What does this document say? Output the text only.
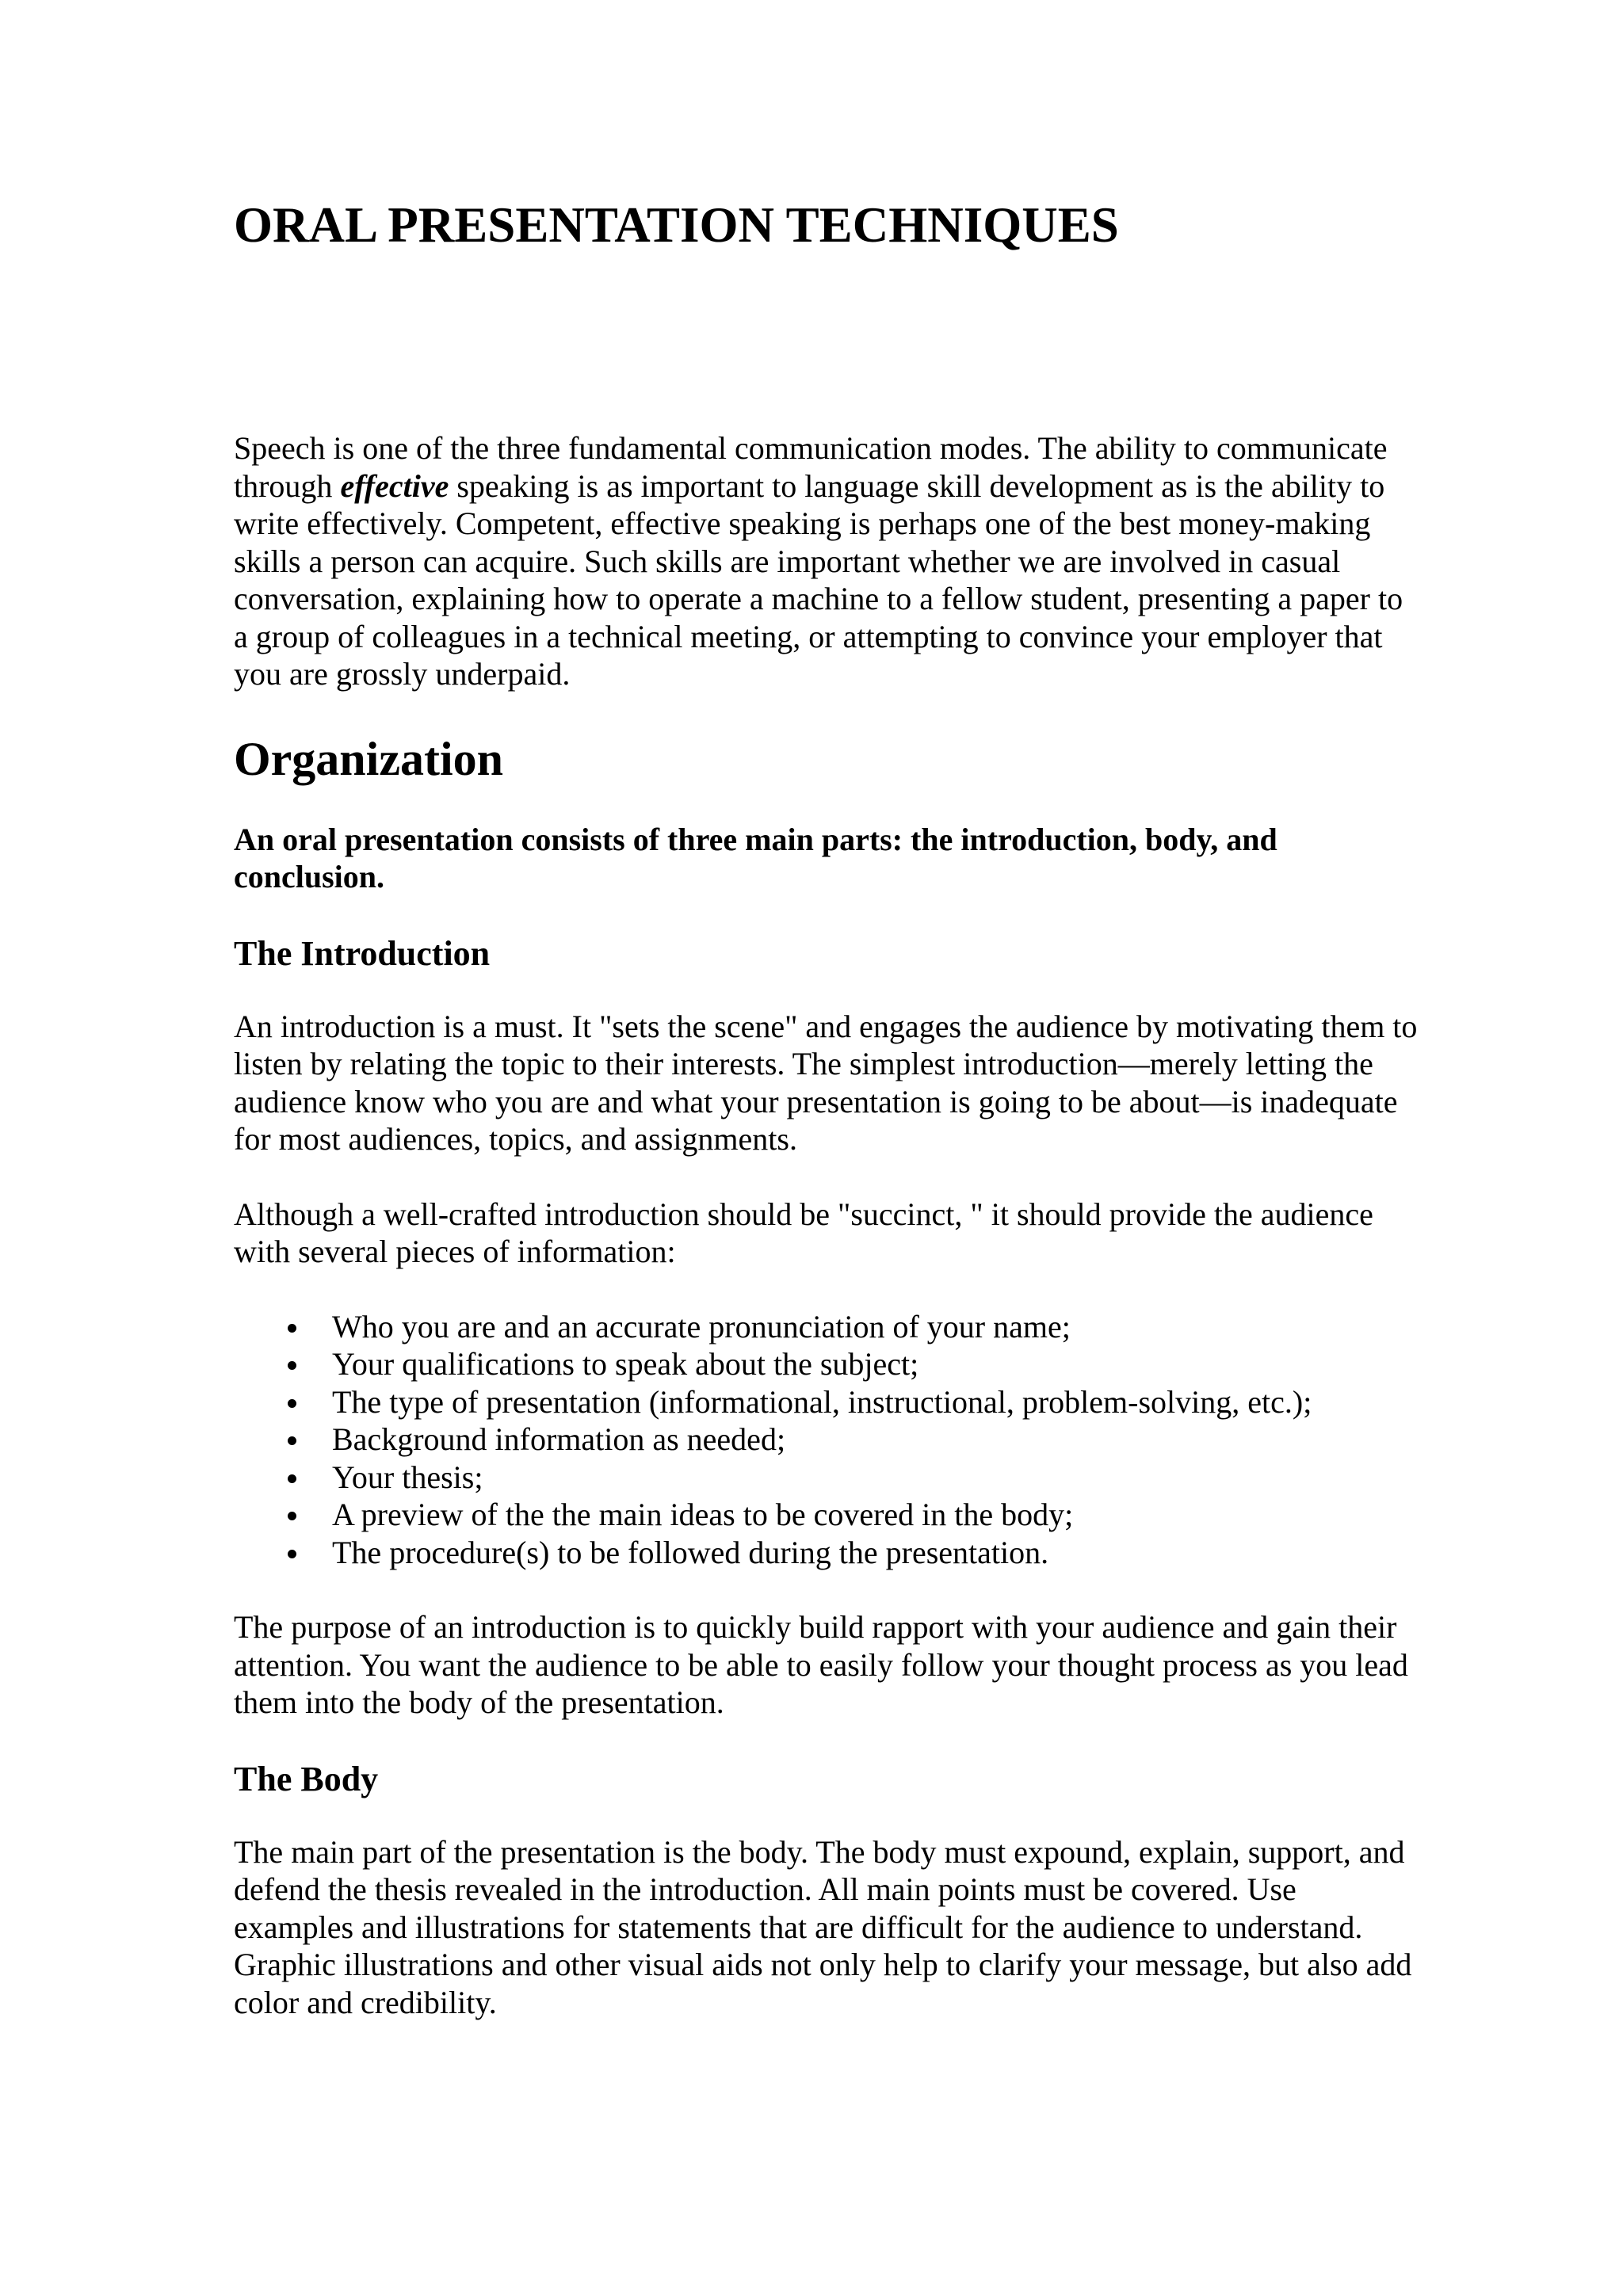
ORAL PRESENTATION TECHNIQUES

Speech is one of the three fundamental communication modes. The ability to communicate through effective speaking is as important to language skill development as is the ability to write effectively. Competent, effective speaking is perhaps one of the best money-making skills a person can acquire. Such skills are important whether we are involved in casual conversation, explaining how to operate a machine to a fellow student, presenting a paper to a group of colleagues in a technical meeting, or attempting to convince your employer that you are grossly underpaid.

Organization

An oral presentation consists of three main parts: the introduction, body, and conclusion.

The Introduction

An introduction is a must. It "sets the scene" and engages the audience by motivating them to listen by relating the topic to their interests. The simplest introduction—merely letting the audience know who you are and what your presentation is going to be about—is inadequate for most audiences, topics, and assignments.

Although a well-crafted introduction should be "succinct, " it should provide the audience with several pieces of information:

Who you are and an accurate pronunciation of your name;
Your qualifications to speak about the subject;
The type of presentation (informational, instructional, problem-solving, etc.);
Background information as needed;
Your thesis;
A preview of the the main ideas to be covered in the body;
The procedure(s) to be followed during the presentation.

The purpose of an introduction is to quickly build rapport with your audience and gain their attention. You want the audience to be able to easily follow your thought process as you lead them into the body of the presentation.

The Body

The main part of the presentation is the body. The body must expound, explain, support, and defend the thesis revealed in the introduction. All main points must be covered. Use examples and illustrations for statements that are difficult for the audience to understand. Graphic illustrations and other visual aids not only help to clarify your message, but also add color and credibility.
